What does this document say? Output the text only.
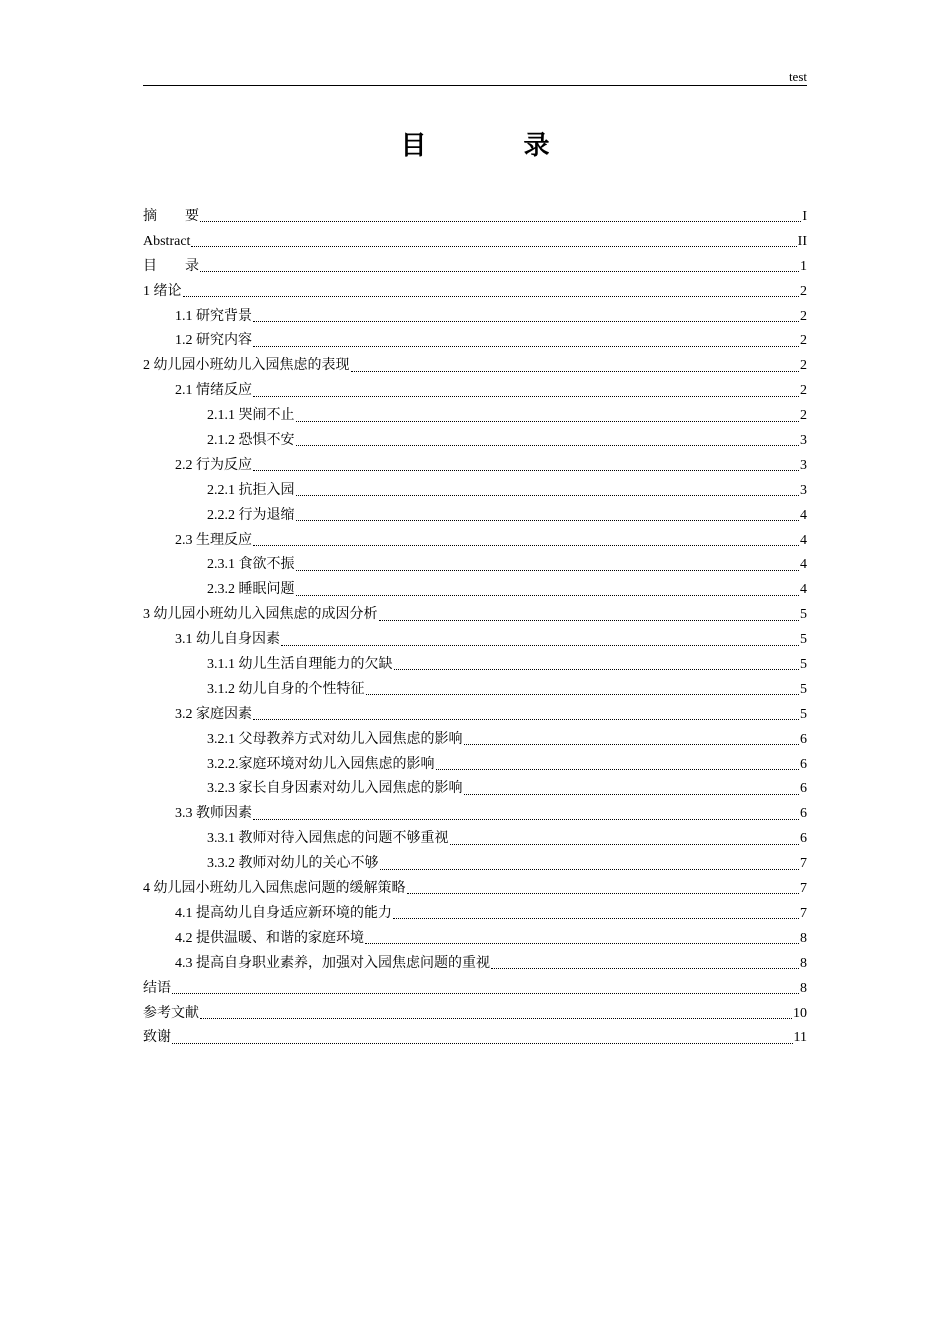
test
目 录
摘　　要	I
Abstract	II
目　　录	1
1 绪论	2
1.1 研究背景	2
1.2 研究内容	2
2 幼儿园小班幼儿入园焦虑的表现	2
2.1 情绪反应	2
2.1.1 哭闹不止	2
2.1.2 恐惧不安	3
2.2 行为反应	3
2.2.1 抗拒入园	3
2.2.2 行为退缩	4
2.3 生理反应	4
2.3.1 食欲不振	4
2.3.2 睡眠问题	4
3 幼儿园小班幼儿入园焦虑的成因分析	5
3.1 幼儿自身因素	5
3.1.1 幼儿生活自理能力的欠缺	5
3.1.2 幼儿自身的个性特征	5
3.2 家庭因素	5
3.2.1 父母教养方式对幼儿入园焦虑的影响	6
3.2.2.家庭环境对幼儿入园焦虑的影响	6
3.2.3 家长自身因素对幼儿入园焦虑的影响	6
3.3 教师因素	6
3.3.1 教师对待入园焦虑的问题不够重视	6
3.3.2 教师对幼儿的关心不够	7
4 幼儿园小班幼儿入园焦虑问题的缓解策略	7
4.1 提高幼儿自身适应新环境的能力	7
4.2 提供温暖、和谐的家庭环境	8
4.3 提高自身职业素养，加强对入园焦虑问题的重视	8
结语	8
参考文献	10
致谢	11
